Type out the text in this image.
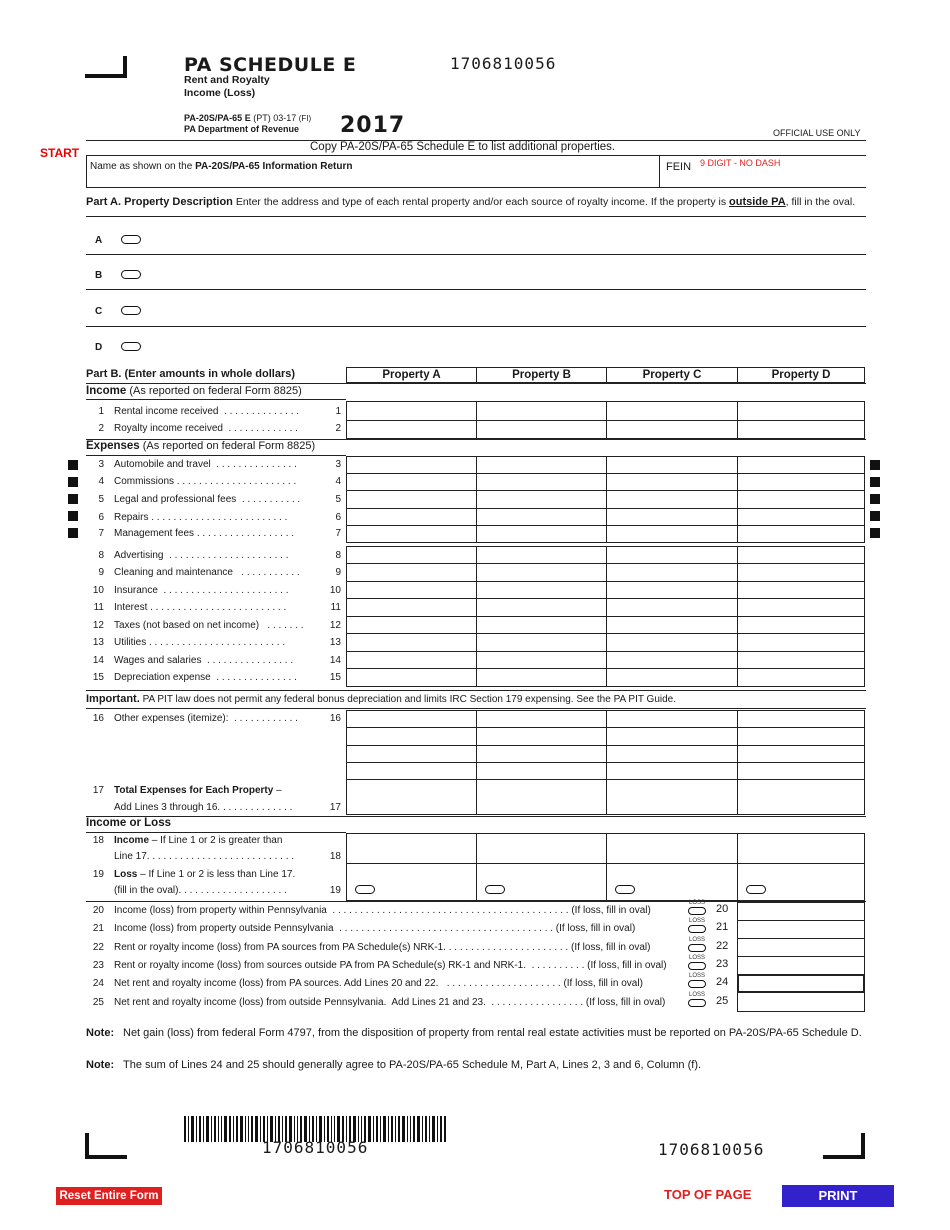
PA SCHEDULE E
Rent and Royalty Income (Loss)
1706810056
PA-20S/PA-65 E (PT) 03-17 (FI)
PA Department of Revenue	2017	OFFICIAL USE ONLY
START	Copy PA-20S/PA-65 Schedule E to list additional properties.
Name as shown on the PA-20S/PA-65 Information Return	FEIN 9 DIGIT - NO DASH
Part A. Property Description Enter the address and type of each rental property and/or each source of royalty income. If the property is outside PA, fill in the oval.
A
B
C
D
Part B. (Enter amounts in whole dollars)	Property A	Property B	Property C	Property D
Income (As reported on federal Form 8825)
Expenses (As reported on federal Form 8825)
1 Rental income received  . . . . . . . . . . . . . .	1
2 Royalty income received  . . . . . . . . . . . . .	2
3 Automobile and travel  . . . . . . . . . . . . . . .	3
4 Commissions . . . . . . . . . . . . . . . . . . . . . .	4
5 Legal and professional fees  . . . . . . . . . . .	5
6 Repairs . . . . . . . . . . . . . . . . . . . . . . . . .	6
7 Management fees . . . . . . . . . . . . . . . . . .	7
8 Advertising  . . . . . . . . . . . . . . . . . . . . . .	8
9 Cleaning and maintenance   . . . . . . . . . . .	9
10 Insurance  . . . . . . . . . . . . . . . . . . . . . . .	10
11 Interest . . . . . . . . . . . . . . . . . . . . . . . . .	11
12 Taxes (not based on net income)   . . . . . . .	12
13 Utilities . . . . . . . . . . . . . . . . . . . . . . . . .	13
14 Wages and salaries  . . . . . . . . . . . . . . . .	14
15 Depreciation expense  . . . . . . . . . . . . . . .	15
Important. PA PIT law does not permit any federal bonus depreciation and limits IRC Section 179 expensing. See the PA PIT Guide.
16 Other expenses (itemize):  . . . . . . . . . . . .	16
17 Total Expenses for Each Property –
Add Lines 3 through 16. . . . . . . . . . . . . .	17
Income or Loss
18 Income – If Line 1 or 2 is greater than
Line 17. . . . . . . . . . . . . . . . . . . . . . . . . . .	18
19 Loss – If Line 1 or 2 is less than Line 17.
(fill in the oval). . . . . . . . . . . . . . . . . . . .	19
20 Income (loss) from property within Pennsylvania  . . . . . . . . . . . . . . . . . . . . . . . . . . . . . . . . . . . . . . . . . . . (If loss, fill in oval)
21 Income (loss) from property outside Pennsylvania  . . . . . . . . . . . . . . . . . . . . . . . . . . . . . . . . . . . . . . . (If loss, fill in oval)
22 Rent or royalty income (loss) from PA sources from PA Schedule(s) NRK-1. . . . . . . . . . . . . . . . . . . . . . . (If loss, fill in oval)
23 Rent or royalty income (loss) from sources outside PA from PA Schedule(s) RK-1 and NRK-1.  . . . . . . . . . . (If loss, fill in oval)
24 Net rent and royalty income (loss) from PA sources. Add Lines 20 and 22.   . . . . . . . . . . . . . . . . . . . . . (If loss, fill in oval)
25 Net rent and royalty income (loss) from outside Pennsylvania.  Add Lines 21 and 23.  . . . . . . . . . . . . . . . . . (If loss, fill in oval)
LOSS 20
LOSS 21
LOSS 22
LOSS 23
LOSS 24
LOSS 25
Note: Net gain (loss) from federal Form 4797, from the disposition of property from rental real estate activities must be reported on PA-20S/PA-65 Schedule D.
Note: The sum of Lines 24 and 25 should generally agree to PA-20S/PA-65 Schedule M, Part A, Lines 2, 3 and 6, Column (f).
1706810056	1706810056
Reset Entire Form	TOP OF PAGE	PRINT
